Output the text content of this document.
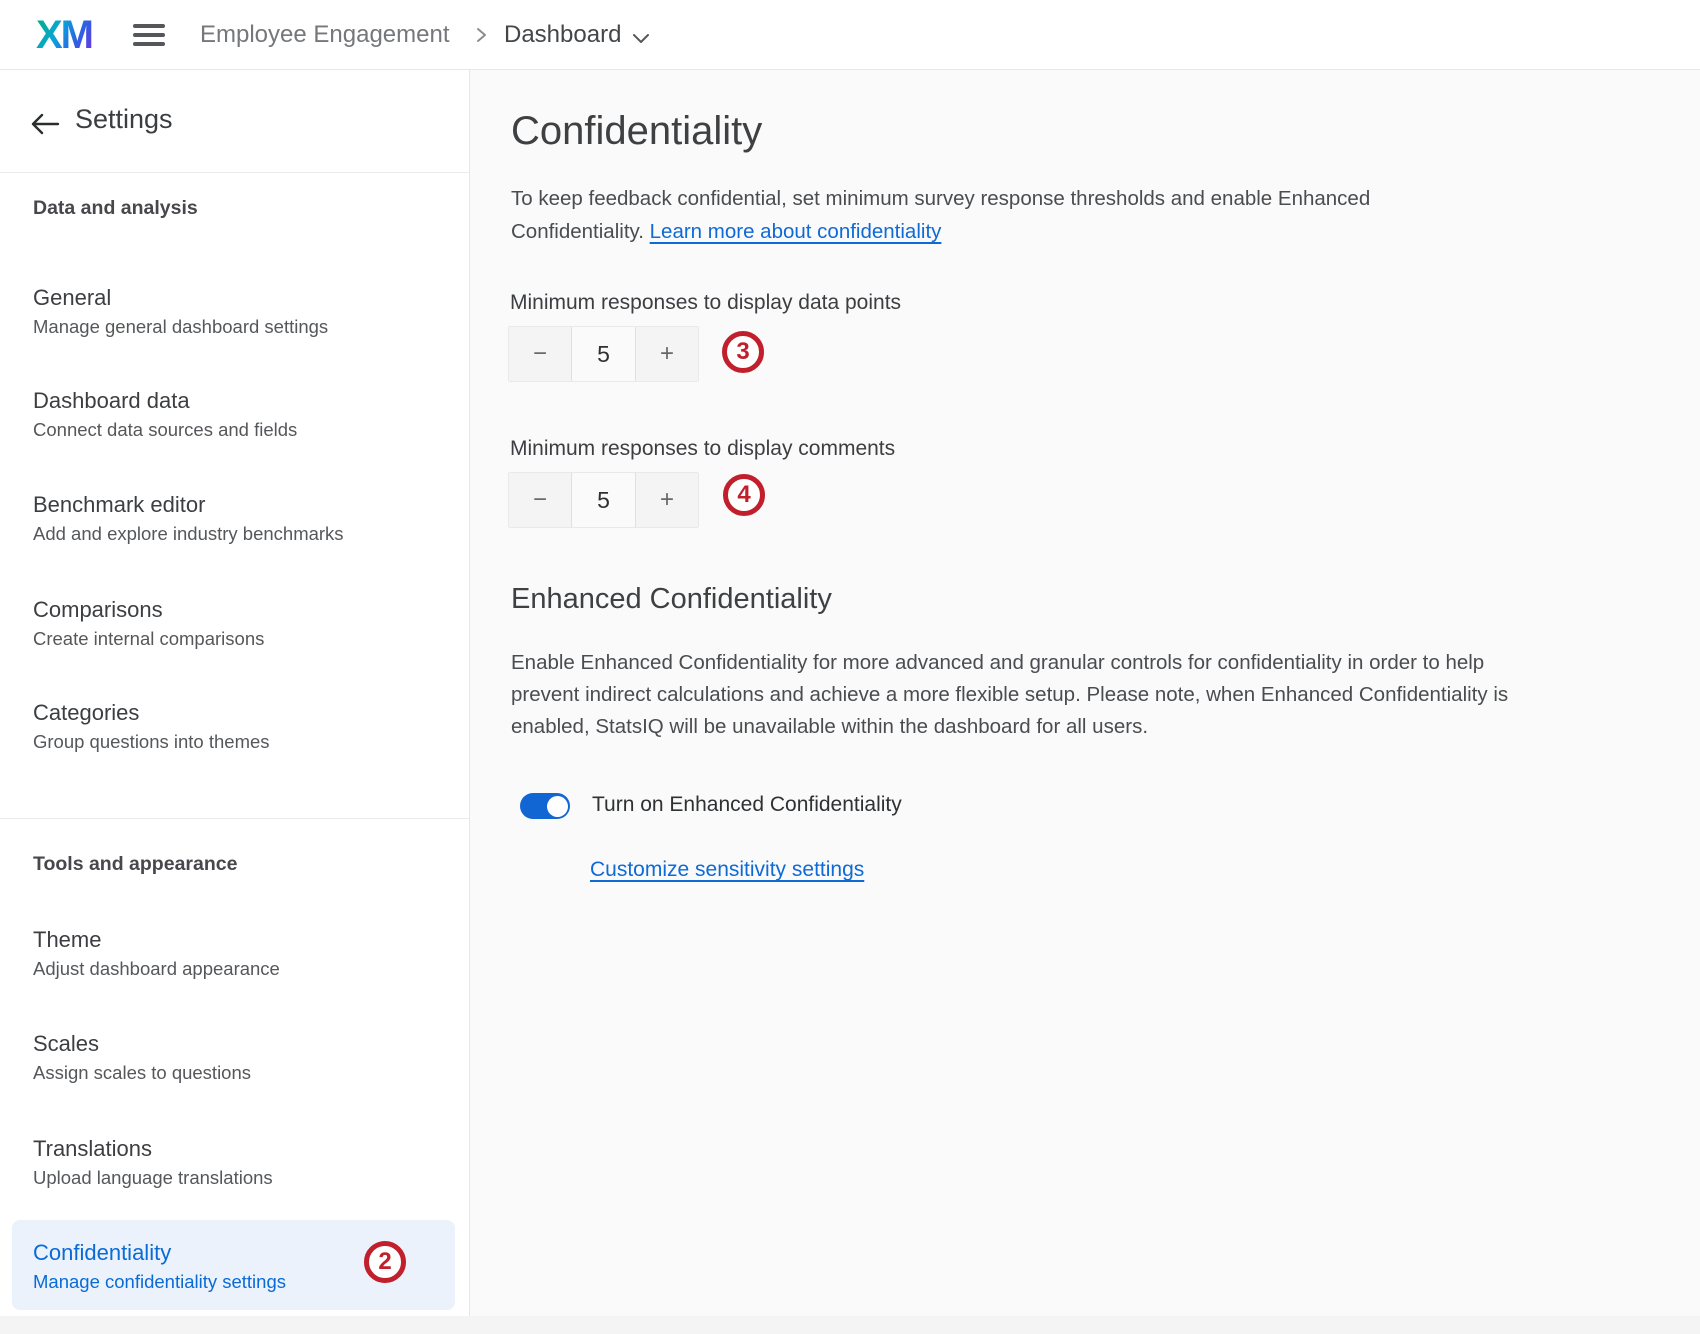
XM	Employee Engagement Dashboard
Settings
Data and analysis
General
Manage general dashboard settings
Dashboard data
Connect data sources and fields
Benchmark editor
Add and explore industry benchmarks
Comparisons
Create internal comparisons
Categories
Group questions into themes
Tools and appearance
Theme
Adjust dashboard appearance
Scales
Assign scales to questions
Translations
Upload language translations
Confidentiality
Manage confidentiality settings
2
Confidentiality
To keep feedback confidential, set minimum survey response thresholds and enable Enhanced
Confidentiality. Learn more about confidentiality
Minimum responses to display data points
−	5	+	3
Minimum responses to display comments
−	5	+	4
Enhanced Confidentiality
Enable Enhanced Confidentiality for more advanced and granular controls for confidentiality in order to help
prevent indirect calculations and achieve a more flexible setup. Please note, when Enhanced Confidentiality is
enabled, StatsIQ will be unavailable within the dashboard for all users.
Turn on Enhanced Confidentiality
Customize sensitivity settings
